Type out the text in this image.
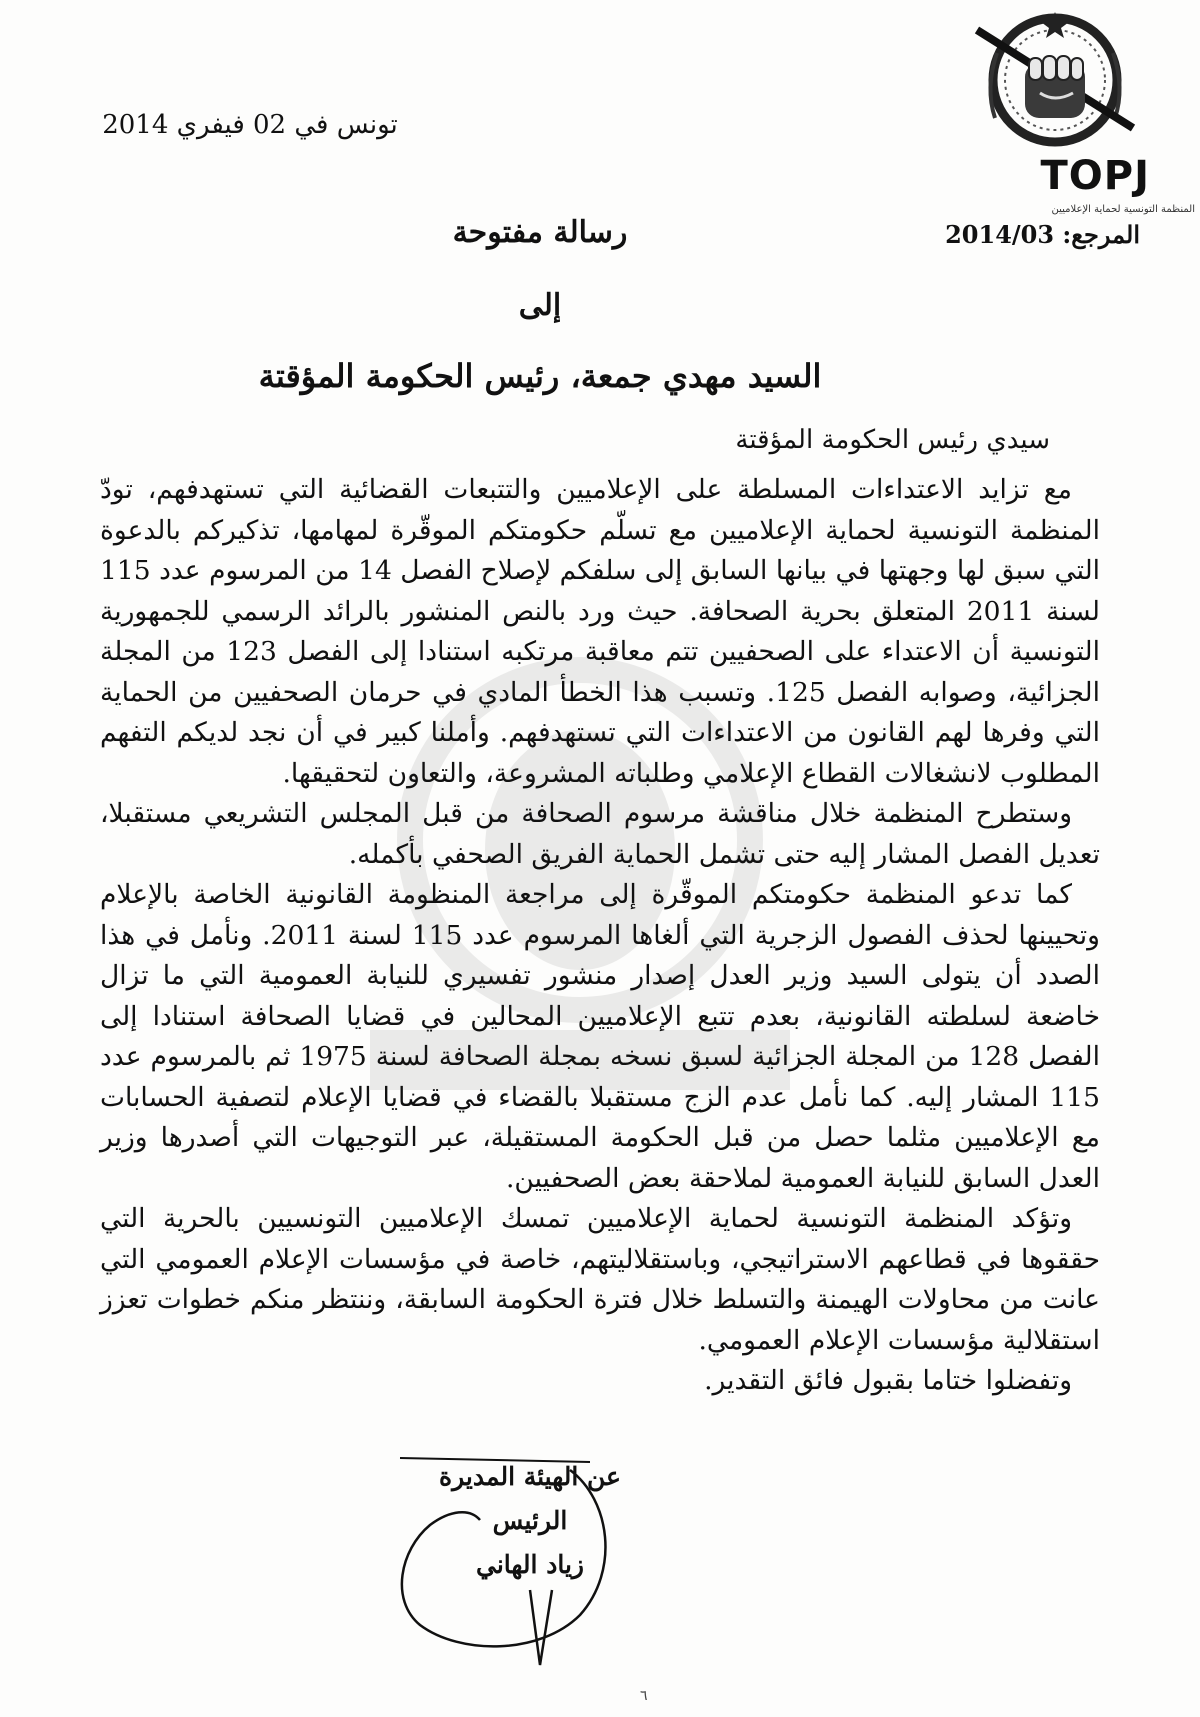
TOPJ
المنظمة التونسية لحماية الإعلاميين
تونس في 02 فيفري 2014
المرجع: 2014/03
رسالة مفتوحة
إلى
السيد مهدي جمعة، رئيس الحكومة المؤقتة
سيدي رئيس الحكومة المؤقتة

مع تزايد الاعتداءات المسلطة على الإعلاميين والتتبعات القضائية التي تستهدفهم، تودّ المنظمة التونسية لحماية الإعلاميين مع تسلّم حكومتكم الموقّرة لمهامها، تذكيركم بالدعوة التي سبق لها وجهتها في بيانها السابق إلى سلفكم لإصلاح الفصل 14 من المرسوم عدد 115 لسنة 2011 المتعلق بحرية الصحافة. حيث ورد بالنص المنشور بالرائد الرسمي للجمهورية التونسية أن الاعتداء على الصحفيين تتم معاقبة مرتكبه استنادا إلى الفصل 123 من المجلة الجزائية، وصوابه الفصل 125. وتسبب هذا الخطأ المادي في حرمان الصحفيين من الحماية التي وفرها لهم القانون من الاعتداءات التي تستهدفهم. وأملنا كبير في أن نجد لديكم التفهم المطلوب لانشغالات القطاع الإعلامي وطلباته المشروعة، والتعاون لتحقيقها.

وستطرح المنظمة خلال مناقشة مرسوم الصحافة من قبل المجلس التشريعي مستقبلا، تعديل الفصل المشار إليه حتى تشمل الحماية الفريق الصحفي بأكمله.

كما تدعو المنظمة حكومتكم الموقّرة إلى مراجعة المنظومة القانونية الخاصة بالإعلام وتحيينها لحذف الفصول الزجرية التي ألغاها المرسوم عدد 115 لسنة 2011. ونأمل في هذا الصدد أن يتولى السيد وزير العدل إصدار منشور تفسيري للنيابة العمومية التي ما تزال خاضعة لسلطته القانونية، بعدم تتبع الإعلاميين المحالين في قضايا الصحافة استنادا إلى الفصل 128 من المجلة الجزائية لسبق نسخه بمجلة الصحافة لسنة 1975 ثم بالمرسوم عدد 115 المشار إليه. كما نأمل عدم الزج مستقبلا بالقضاء في قضايا الإعلام لتصفية الحسابات مع الإعلاميين مثلما حصل من قبل الحكومة المستقيلة، عبر التوجيهات التي أصدرها وزير العدل السابق للنيابة العمومية لملاحقة بعض الصحفيين.

وتؤكد المنظمة التونسية لحماية الإعلاميين تمسك الإعلاميين التونسيين بالحرية التي حققوها في قطاعهم الاستراتيجي، وباستقلاليتهم، خاصة في مؤسسات الإعلام العمومي التي عانت من محاولات الهيمنة والتسلط خلال فترة الحكومة السابقة، وننتظر منكم خطوات تعزز استقلالية مؤسسات الإعلام العمومي.

وتفضلوا ختاما بقبول فائق التقدير.

عن الهيئة المديرة
الرئيس
زياد الهاني
٦
